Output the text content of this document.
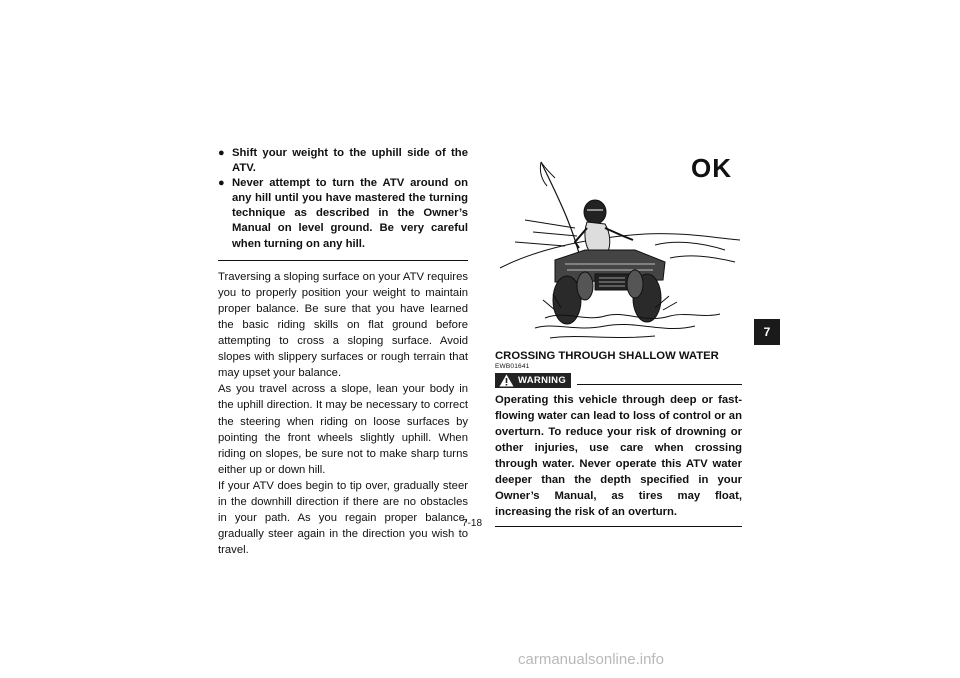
● Shift your weight to the uphill side of the ATV.
● Never attempt to turn the ATV around on any hill until you have mastered the turning technique as described in the Owner’s Manual on level ground. Be very careful when turning on any hill.

Traversing a sloping surface on your ATV requires you to properly position your weight to maintain proper balance. Be sure that you have learned the basic riding skills on flat ground before attempting to cross a sloping surface. Avoid slopes with slippery surfaces or rough terrain that may upset your balance.

As you travel across a slope, lean your body in the uphill direction. It may be necessary to correct the steering when riding on loose surfaces by pointing the front wheels slightly uphill. When riding on slopes, be sure not to make sharp turns either up or down hill.

If your ATV does begin to tip over, gradually steer in the downhill direction if there are no obstacles in your path. As you regain proper balance, gradually steer again in the direction you wish to travel.

OK
CROSSING THROUGH SHALLOW WATER
EWB01641
WARNING

Operating this vehicle through deep or fast-flowing water can lead to loss of control or an overturn. To reduce your risk of drowning or other injuries, use care when crossing through water. Never operate this ATV water deeper than the depth specified in your Owner’s Manual, as tires may float, increasing the risk of an overturn.

7-18
7
carmanualsonline.info
